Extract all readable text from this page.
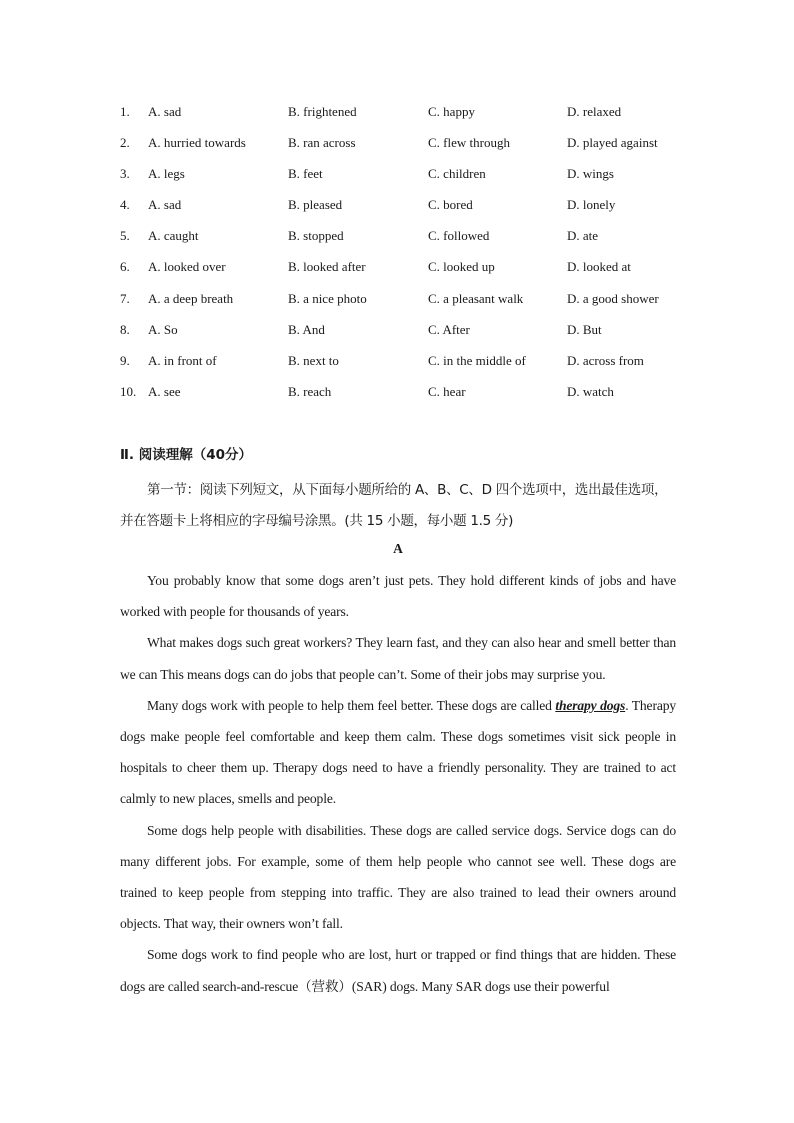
1. A. sad	B. frightened	C. happy	D. relaxed
2. A. hurried towards	B. ran across	C. flew through	D. played against
3. A. legs	B. feet	C. children	D. wings
4. A. sad	B. pleased	C. bored	D. lonely
5. A. caught	B. stopped	C. followed	D. ate
6. A. looked over	B. looked after	C. looked up	D. looked at
7. A. a deep breath	B. a nice photo	C. a pleasant walk	D. a good shower
8. A. So	B. And	C. After	D. But
9. A. in front of	B. next to	C. in the middle of	D. across from
10. A. see	B. reach	C. hear	D. watch
Ⅱ. 阅读理解（40分）

第一节：阅读下列短文，从下面每小题所给的 A、B、C、D 四个选项中，选出最佳选项，并在答题卡上将相应的字母编号涂黑。(共 15 小题，每小题 1.5 分)

A

You probably know that some dogs aren’t just pets. They hold different kinds of jobs and have worked with people for thousands of years.

What makes dogs such great workers? They learn fast, and they can also hear and smell better than we can This means dogs can do jobs that people can’t. Some of their jobs may surprise you.

Many dogs work with people to help them feel better. These dogs are called therapy dogs. Therapy dogs make people feel comfortable and keep them calm. These dogs sometimes visit sick people in hospitals to cheer them up. Therapy dogs need to have a friendly personality. They are trained to act calmly to new places, smells and people.

Some dogs help people with disabilities. These dogs are called service dogs. Service dogs can do many different jobs. For example, some of them help people who cannot see well. These dogs are trained to keep people from stepping into traffic. They are also trained to lead their owners around objects. That way, their owners won’t fall.

Some dogs work to find people who are lost, hurt or trapped or find things that are hidden. These dogs are called search-and-rescue（营救）(SAR) dogs. Many SAR dogs use their powerful
